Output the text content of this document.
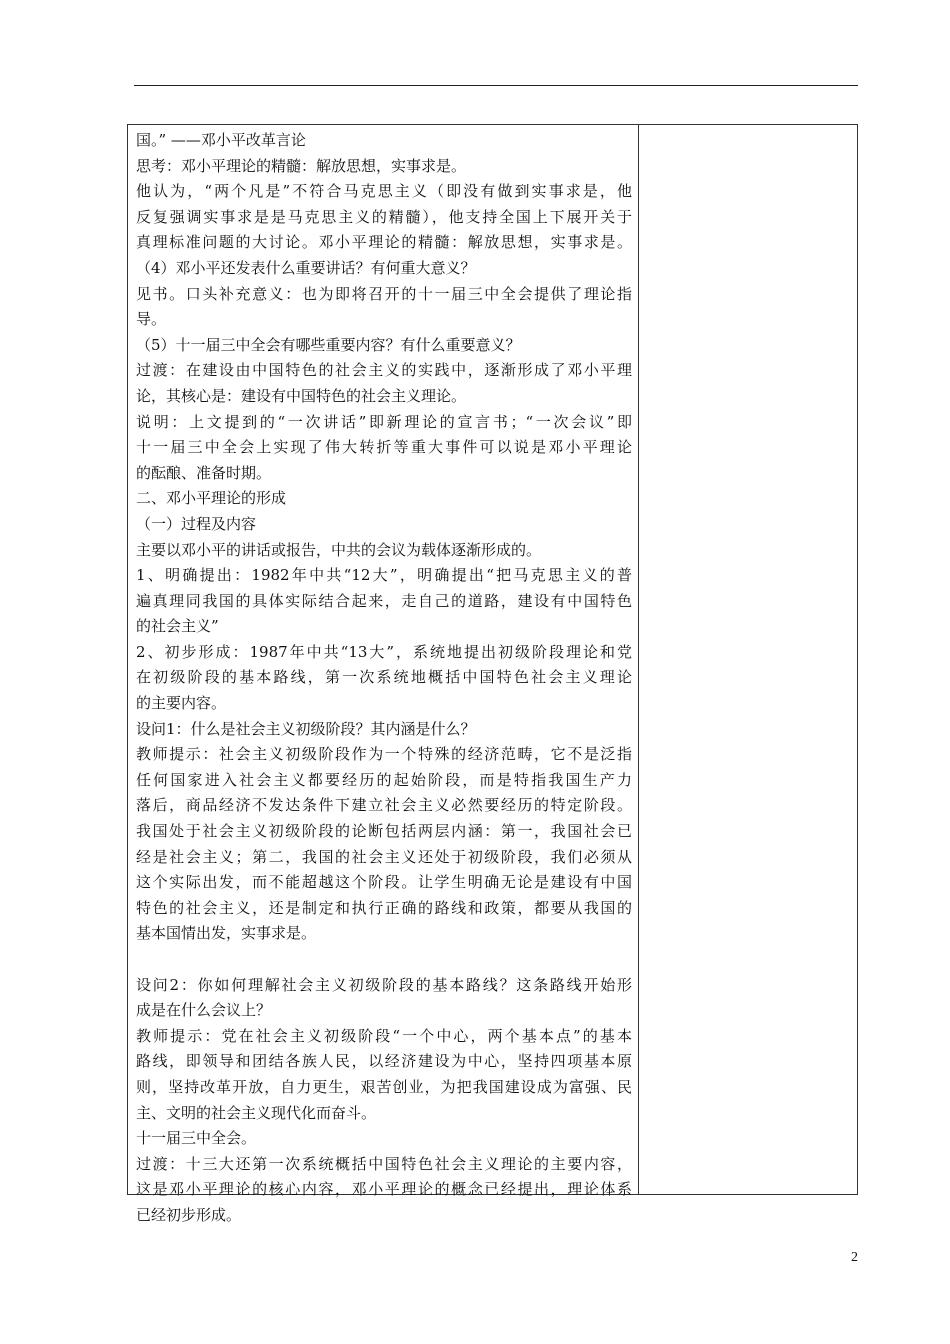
国。” ——邓小平改革言论
思考：邓小平理论的精髓：解放思想，实事求是。
他认为，“两个凡是”不符合马克思主义（即没有做到实事求是，他
反复强调实事求是是马克思主义的精髓），他支持全国上下展开关于
真理标准问题的大讨论。邓小平理论的精髓：解放思想，实事求是。
（4）邓小平还发表什么重要讲话？有何重大意义？
见书。口头补充意义：也为即将召开的十一届三中全会提供了理论指
导。
（5）十一届三中全会有哪些重要内容？有什么重要意义？
过渡：在建设由中国特色的社会主义的实践中，逐渐形成了邓小平理
论，其核心是：建设有中国特色的社会主义理论。
说明：上文提到的“一次讲话”即新理论的宣言书；“一次会议”即
十一届三中全会上实现了伟大转折等重大事件可以说是邓小平理论
的酝酿、准备时期。
二、邓小平理论的形成
（一）过程及内容
主要以邓小平的讲话或报告，中共的会议为载体逐渐形成的。
1、明确提出：1982年中共“12大”，明确提出“把马克思主义的普
遍真理同我国的具体实际结合起来，走自己的道路，建设有中国特色
的社会主义”
2、初步形成：1987年中共“13大”，系统地提出初级阶段理论和党
在初级阶段的基本路线，第一次系统地概括中国特色社会主义理论
的主要内容。
设问1：什么是社会主义初级阶段？其内涵是什么？
教师提示：社会主义初级阶段作为一个特殊的经济范畴，它不是泛指
任何国家进入社会主义都要经历的起始阶段，而是特指我国生产力
落后，商品经济不发达条件下建立社会主义必然要经历的特定阶段。
我国处于社会主义初级阶段的论断包括两层内涵：第一，我国社会已
经是社会主义；第二，我国的社会主义还处于初级阶段，我们必须从
这个实际出发，而不能超越这个阶段。让学生明确无论是建设有中国
特色的社会主义，还是制定和执行正确的路线和政策，都要从我国的
基本国情出发，实事求是。
设问2：你如何理解社会主义初级阶段的基本路线？这条路线开始形
成是在什么会议上？
教师提示：党在社会主义初级阶段“一个中心，两个基本点”的基本
路线，即领导和团结各族人民，以经济建设为中心，坚持四项基本原
则，坚持改革开放，自力更生，艰苦创业，为把我国建设成为富强、民
主、文明的社会主义现代化而奋斗。
十一届三中全会。
过渡：十三大还第一次系统概括中国特色社会主义理论的主要内容，
这是邓小平理论的核心内容，邓小平理论的概念已经提出，理论体系
已经初步形成。
2
